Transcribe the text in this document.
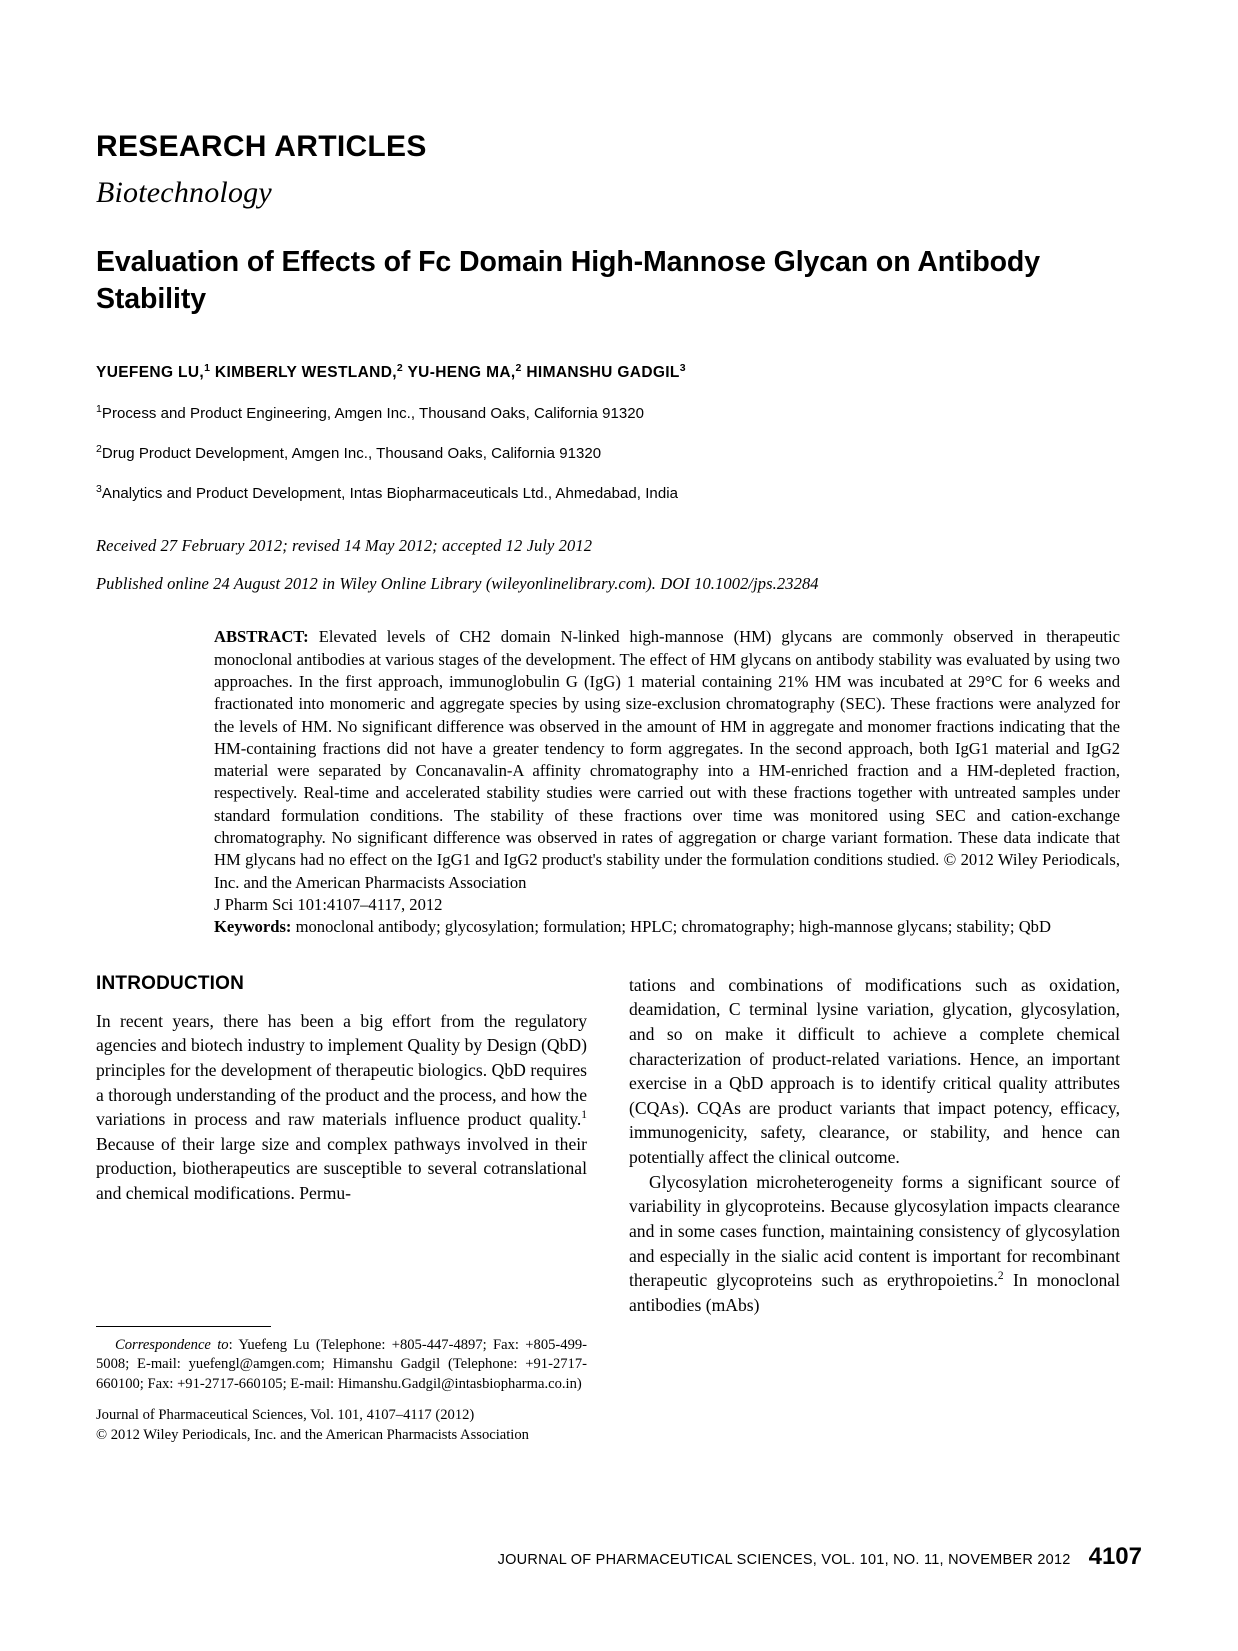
RESEARCH ARTICLES
Biotechnology
Evaluation of Effects of Fc Domain High-Mannose Glycan on Antibody Stability
YUEFENG LU,$^1$ KIMBERLY WESTLAND,$^2$ YU-HENG MA,$^2$ HIMANSHU GADGIL$^3$
$^1$Process and Product Engineering, Amgen Inc., Thousand Oaks, California 91320
$^2$Drug Product Development, Amgen Inc., Thousand Oaks, California 91320
$^3$Analytics and Product Development, Intas Biopharmaceuticals Ltd., Ahmedabad, India
Received 27 February 2012; revised 14 May 2012; accepted 12 July 2012
Published online 24 August 2012 in Wiley Online Library (wileyonlinelibrary.com). DOI 10.1002/jps.23284
ABSTRACT: Elevated levels of CH2 domain N-linked high-mannose (HM) glycans are commonly observed in therapeutic monoclonal antibodies at various stages of the development. The effect of HM glycans on antibody stability was evaluated by using two approaches. In the first approach, immunoglobulin G (IgG) 1 material containing 21% HM was incubated at 29°C for 6 weeks and fractionated into monomeric and aggregate species by using size-exclusion chromatography (SEC). These fractions were analyzed for the levels of HM. No significant difference was observed in the amount of HM in aggregate and monomer fractions indicating that the HM-containing fractions did not have a greater tendency to form aggregates. In the second approach, both IgG1 material and IgG2 material were separated by Concanavalin-A affinity chromatography into a HM-enriched fraction and a HM-depleted fraction, respectively. Real-time and accelerated stability studies were carried out with these fractions together with untreated samples under standard formulation conditions. The stability of these fractions over time was monitored using SEC and cation-exchange chromatography. No significant difference was observed in rates of aggregation or charge variant formation. These data indicate that HM glycans had no effect on the IgG1 and IgG2 product's stability under the formulation conditions studied. © 2012 Wiley Periodicals, Inc. and the American Pharmacists Association
J Pharm Sci 101:4107–4117, 2012
Keywords: monoclonal antibody; glycosylation; formulation; HPLC; chromatography; high-mannose glycans; stability; QbD
INTRODUCTION

In recent years, there has been a big effort from the regulatory agencies and biotech industry to implement Quality by Design (QbD) principles for the development of therapeutic biologics. QbD requires a thorough understanding of the product and the process, and how the variations in process and raw materials influence product quality.$^1$ Because of their large size and complex pathways involved in their production, biotherapeutics are susceptible to several cotranslational and chemical modifications. Permu-

Correspondence to: Yuefeng Lu (Telephone: +805-447-4897; Fax: +805-499-5008; E-mail: yuefengl@amgen.com; Himanshu Gadgil (Telephone: +91-2717-660100; Fax: +91-2717-660105; E-mail: Himanshu.Gadgil@intasbiopharma.co.in)
Journal of Pharmaceutical Sciences, Vol. 101, 4107–4117 (2012)
© 2012 Wiley Periodicals, Inc. and the American Pharmacists Association

tations and combinations of modifications such as oxidation, deamidation, C terminal lysine variation, glycation, glycosylation, and so on make it difficult to achieve a complete chemical characterization of product-related variations. Hence, an important exercise in a QbD approach is to identify critical quality attributes (CQAs). CQAs are product variants that impact potency, efficacy, immunogenicity, safety, clearance, or stability, and hence can potentially affect the clinical outcome.

Glycosylation microheterogeneity forms a significant source of variability in glycoproteins. Because glycosylation impacts clearance and in some cases function, maintaining consistency of glycosylation and especially in the sialic acid content is important for recombinant therapeutic glycoproteins such as erythropoietins.$^2$ In monoclonal antibodies (mAbs)

JOURNAL OF PHARMACEUTICAL SCIENCES, VOL. 101, NO. 11, NOVEMBER 2012 4107
